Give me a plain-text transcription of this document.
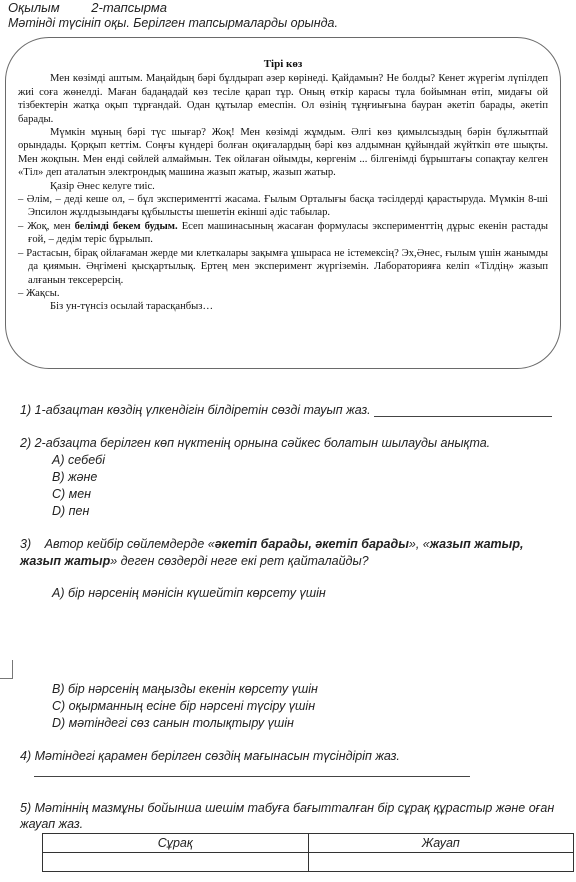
Оқылым 2-тапсырма
Мәтінді түсініп оқы. Берілген тапсырмаларды орында.
Тірі көз

Мен көзімді аштым. Маңайдың бәрі бұлдырап әзер көрінеді. Қайдамын? Не болды? Кенет жүрегім лүпілдеп жиі соға жөнелді. Маған бадаңадай көз тесіле қарап тұр. Оның өткір карасы тұла бойымнан өтіп, мидағы ой тізбектерін жатқа оқып тұрғандай. Одан құтылар емеспін. Ол өзінің тұңғиығына бауран әкетіп барады, әкетіп барады.

Мүмкін мұның бәрі түс шығар? Жоқ! Мен көзімді жұмдым. Әлгі көз қимылсыздың бәрін бұлжытпай орындады. Қорқып кеттім. Соңғы күндері болған оқиғалардың бәрі көз алдымнан құйындай жүйткіп өте шықты. Мен жоқпын. Мен енді сөйлей алмаймын. Тек ойлаған ойымды, көргенім ... білгенімді бұрыштағы сопақтау келген «Тіл» деп аталатын электрондық машина жазып жатыр, жазып жатыр.

Қазір Әнес келуге тиіс.

– Әлім, – деді кеше ол, – бұл экспериментті жасама. Ғылым Орталығы басқа тәсілдерді қарастыруда. Мүмкін 8-ші Эпсилон жұлдызындағы құбылысты шешетін екінші әдіс табылар.

– Жоқ, мен белімді бекем будым. Есеп машинасының жасаған формуласы эксперименттің дұрыс екенін растады ғой, – дедім теріс бұрылып.

– Растасын, бірақ ойлағаман жерде ми клеткалары зақымға ұшыраса не істемексің? Эх,Әнес, ғылым үшін жанымды да қиямын. Әңгімені қысқартылық. Ертең мен эксперимент жүргіземін. Лабораторияға келіп «Тілдің» жазып алғанын тексерерсің.

– Жақсы.

Біз ун-түнсіз осылай тарасқанбыз…

1) 1-абзацтан көздің үлкендігін білдіретін сөзді тауып жаз.
2) 2-абзацта берілген көп нүктенің орнына сәйкес болатын шылауды анықта.
A) себебі
B) және
C) мен
D) пен
3) Автор кейбір сөйлемдерде «әкетіп барады, әкетіп барады», «жазып жатыр, жазып жатыр» деген сөздерді неге екі рет қайталайды?
A) бір нәрсенің мәнісін күшейтіп көрсету үшін
B) бір нәрсенің маңызды екенін көрсету үшін
C) оқырманның есіне бір нәрсені түсіру үшін
D) мәтіндегі сөз санын толықтыру үшін
4) Мәтіндегі қарамен берілген сөздің мағынасын түсіндіріп жаз.
5) Мәтіннің мазмұны бойынша шешім табуға бағытталған бір сұрақ құрастыр және оған жауап жаз.
Сұрақ	Жауап
